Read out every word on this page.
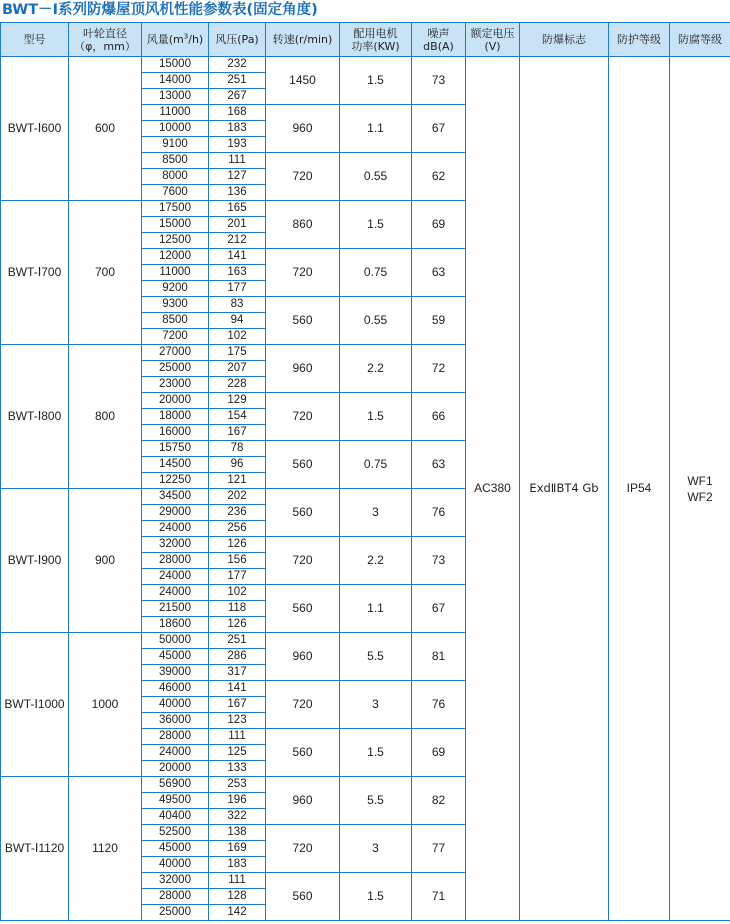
BWT－Ⅰ系列防爆屋顶风机性能参数表(固定角度)
型号	叶轮直径
（φ，mm）	风量$(m^3/h)$	风压(Pa)	转速(r/min)	配用电机
功率(KW)	噪声
dB(A)	额定电压
(V)	防爆标志	防护等级	防腐等级
BWT-Ⅰ600	600	15000	232	1450	1.5	73	AC380	ExdⅡBT4 Gb	IP54	WF1
WF2

		14000	251							
		13000	267							
		11000	168	960	1.1	67				
		10000	183							
		9100	193							
		8500	111	720	0.55	62				
		8000	127							
		7600	136							
BWT-Ⅰ700	700	17500	165	860	1.5	69				
		15000	201							
		12500	212							
		12000	141	720	0.75	63				
		11000	163							
		9200	177							
		9300	83	560	0.55	59				
		8500	94							
		7200	102							
BWT-Ⅰ800	800	27000	175	960	2.2	72				
		25000	207							
		23000	228							
		20000	129	720	1.5	66				
		18000	154							
		16000	167							
		15750	78	560	0.75	63				
		14500	96							
		12250	121							
BWT-Ⅰ900	900	34500	202	560	3	76				
		29000	236							
		24000	256							
		32000	126	720	2.2	73				
		28000	156							
		24000	177							
		24000	102	560	1.1	67				
		21500	118							
		18600	126							
BWT-Ⅰ1000	1000	50000	251	960	5.5	81				
		45000	286							
		39000	317							
		46000	141	720	3	76				
		40000	167							
		36000	123							
		28000	111	560	1.5	69				
		24000	125							
		20000	133							
BWT-Ⅰ1120	1120	56900	253	960	5.5	82				
		49500	196							
		40400	322							
		52500	138	720	3	77				
		45000	169							
		40000	183							
		32000	111	560	1.5	71				
		28000	128							
		25000	142							
